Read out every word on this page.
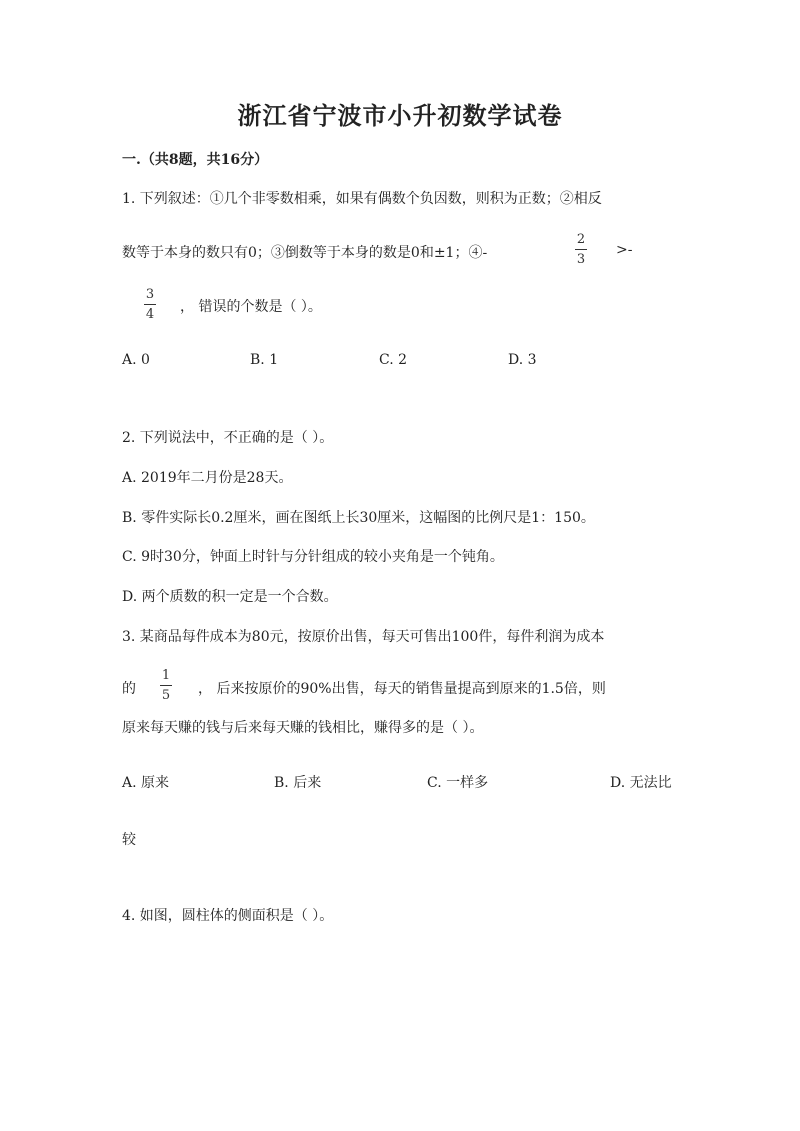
浙江省宁波市小升初数学试卷
一.（共8题，共16分）
1. 下列叙述：①几个非零数相乘，如果有偶数个负因数，则积为正数；②相反
数等于本身的数只有0；③倒数等于本身的数是0和±1；④-
2
3
>-
3
4 ， 错误的个数是（ ）。
A. 0	B. 1	C. 2	D. 3
2. 下列说法中，不正确的是（ ）。
A. 2019年二月份是28天。
B. 零件实际长0.2厘米，画在图纸上长30厘米，这幅图的比例尺是1：150。
C. 9时30分，钟面上时针与分针组成的较小夹角是一个钝角。
D. 两个质数的积一定是一个合数。
3. 某商品每件成本为80元，按原价出售，每天可售出100件，每件利润为成本
的
1
5 ， 后来按原价的90%出售，每天的销售量提高到原来的1.5倍，则
原来每天赚的钱与后来每天赚的钱相比，赚得多的是（ ）。
A. 原来	B. 后来	C. 一样多	D. 无法比
较
4. 如图，圆柱体的侧面积是（ ）。
